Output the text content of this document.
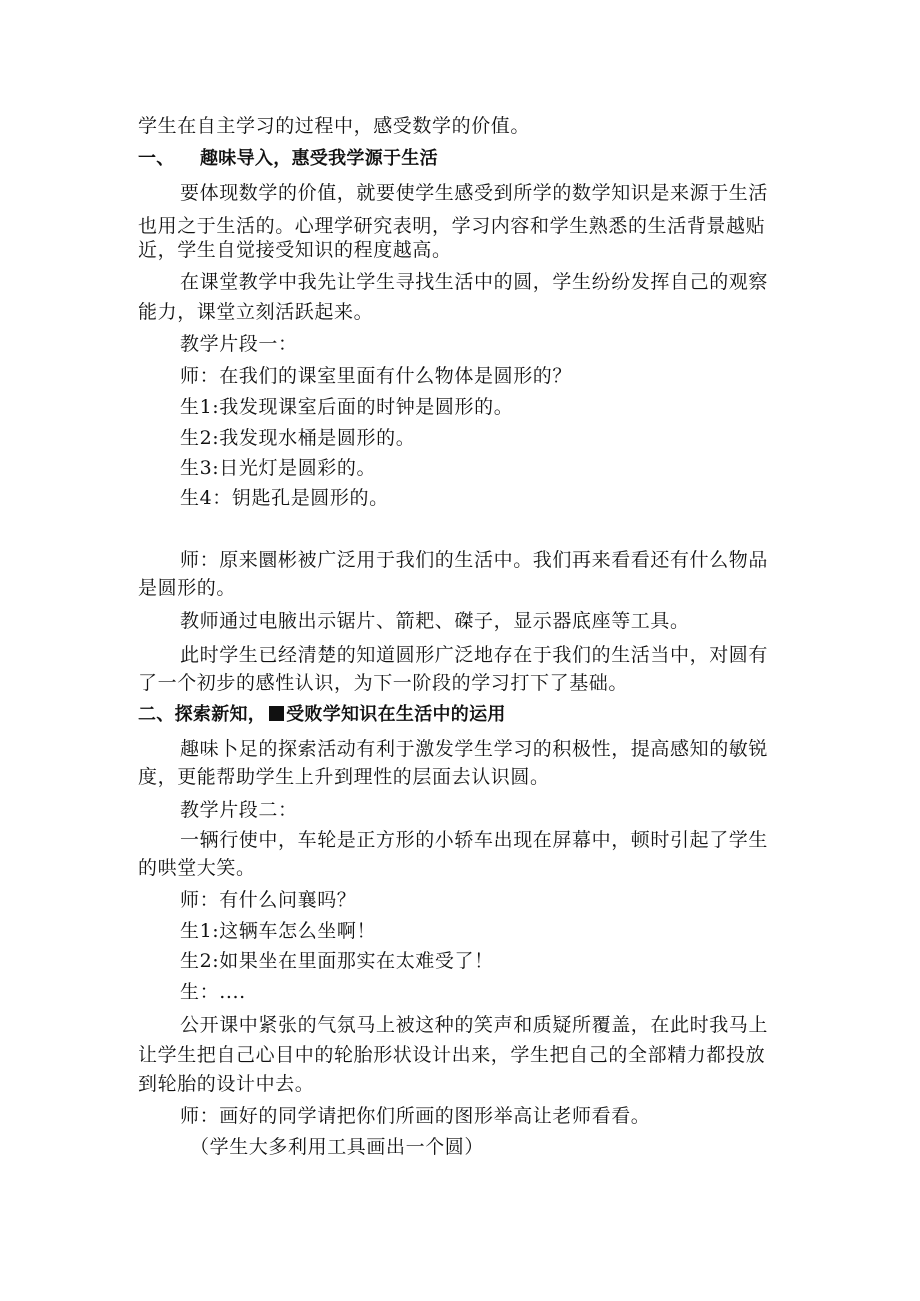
学生在自主学习的过程中，感受数学的价值。
一、 趣味导入，惠受我学源于生活
要体现数学的价值，就要使学生感受到所学的数学知识是来源于生活
也用之于生活的。心理学研究表明，学习内容和学生熟悉的生活背景越贴
近，学生自觉接受知识的程度越高。
在课堂教学中我先让学生寻找生活中的圆，学生纷纷发挥自己的观察
能力，课堂立刻活跃起来。
教学片段一：
师：在我们的课室里面有什么物体是圆形的？
生1:我发现课室后面的时钟是圆形的。
生2:我发现水桶是圆形的。
生3:日光灯是圆彩的。
生4：钥匙孔是圆形的。
师：原来圜彬被广泛用于我们的生活中。我们再来看看还有什么物品
是圆形的。
教师通过电腋出示锯片、箭耙、磔子，显示器底座等工具。
此时学生已经清楚的知道圆形广泛地存在于我们的生活当中，对圆有
了一个初步的感性认识，为下一阶段的学习打下了基础。
二、探索新知， 受败学知识在生活中的运用
趣味卜足的探索活动有利于激发学生学习的积极性，提高感知的敏锐
度，更能帮助学生上升到理性的层面去认识圆。
教学片段二：
一辆行使中，车轮是正方形的小轿车出现在屏幕中，顿时引起了学生
的哄堂大笑。
师：有什么问襄吗？
生1:这辆车怎么坐啊！
生2:如果坐在里面那实在太难受了！
生：....
公开课中紧张的气氛马上被这种的笑声和质疑所覆盖，在此时我马上
让学生把自己心目中的轮胎形状设计出来，学生把自己的全部精力都投放
到轮胎的设计中去。
师：画好的同学请把你们所画的图形举高让老师看看。
（学生大多利用工具画出一个圆）
